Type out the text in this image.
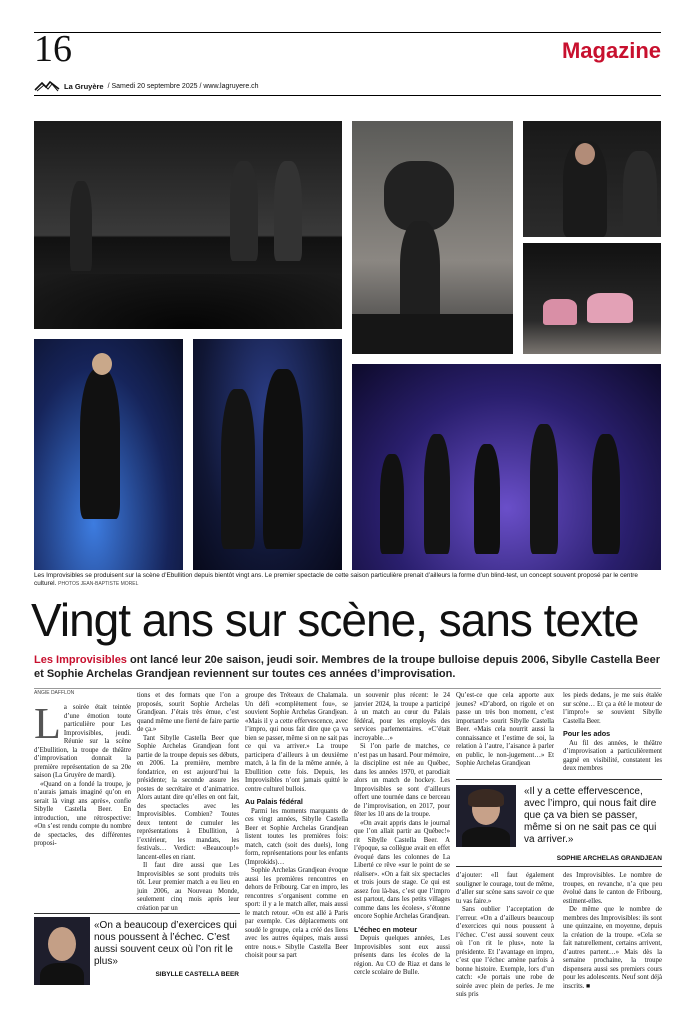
16	Magazine
La Gruyère / Samedi 20 septembre 2025 / www.lagruyere.ch
Les Improvisibles se produisent sur la scène d’Ebullition depuis bientôt vingt ans. Le premier spectacle de cette saison particulière prenait d’ailleurs la forme d’un blind-test, un concept souvent proposé par le centre culturel. PHOTOS JEAN-BAPTISTE MOREL
Vingt ans sur scène, sans texte
Les Improvisibles ont lancé leur 20e saison, jeudi soir. Membres de la troupe bulloise depuis 2006, Sibylle Castella Beer et Sophie Archelas Grandjean reviennent sur toutes ces années d’improvisation.
ANGIE DAFFLON

La soirée était teintée d’une émotion toute particulière pour Les Improvisibles, jeudi. Réunie sur la scène d’Ebullition, la troupe de théâtre d’improvisation donnait la première représentation de sa 20e saison (La Gruyère de mardi).

«Quand on a fondé la troupe, je n’aurais jamais imaginé qu’on en serait là vingt ans après», confie Sibylle Castella Beer. En introduction, une rétrospective: «On s’est rendu compte du nombre de spectacles, des différentes proposi-

tions et des formats que l’on a proposés, sourit Sophie Archelas Grandjean. J’étais très émue, c’est quand même une fierté de faire partie de ça.»

Tant Sibylle Castella Beer que Sophie Archelas Grandjean font partie de la troupe depuis ses débuts, en 2006. La première, membre fondatrice, en est aujourd’hui la présidente; la seconde assure les postes de secrétaire et d’animatrice. Alors autant dire qu’elles en ont fait, des spectacles avec les Improvisibles. Combien? Toutes deux tentent de cumuler les représentations à Ebullition, à l’extérieur, les mandats, les festivals… Verdict: «Beaucoup!» lancent-elles en riant.

Il faut dire aussi que Les Improvisibles se sont produits très tôt. Leur premier match a eu lieu en juin 2006, au Nouveau Monde, seulement cinq mois après leur création par un

«On a beaucoup d’exercices qui nous poussent à l’échec. C’est aussi souvent ceux où l’on rit le plus»
SIBYLLE CASTELLA BEER

groupe des Tréteaux de Chalamala. Un défi «complètement fou», se souvient Sophie Archelas Grandjean. «Mais il y a cette effervescence, avec l’impro, qui nous fait dire que ça va bien se passer, même si on ne sait pas ce qui va arriver.» La troupe participera d’ailleurs à un deuxième match, à la fin de la même année, à Ebullition cette fois. Depuis, les Improvisibles n’ont jamais quitté le centre culturel bullois.

Au Palais fédéral

Parmi les moments marquants de ces vingt années, Sibylle Castella Beer et Sophie Archelas Grandjean listent toutes les premières fois: match, catch (soit des duels), long form, représentations pour les enfants (Improkids)…

Sophie Archelas Grandjean évoque aussi les premières rencontres en dehors de Fribourg. Car en impro, les rencontres s’organisent comme en sport: il y a le match aller, mais aussi le match retour. «On est allé à Paris par exemple. Ces déplacements ont soudé le groupe, cela a créé des liens avec les autres équipes, mais aussi entre nous.» Sibylle Castella Beer choisit pour sa part

un souvenir plus récent: le 24 janvier 2024, la troupe a participé à un match au cœur du Palais fédéral, pour les employés des services parlementaires. «C’était incroyable…»

Si l’on parle de matches, ce n’est pas un hasard. Pour mémoire, la discipline est née au Québec, dans les années 1970, et parodiait alors un match de hockey. Les Improvisibles se sont d’ailleurs offert une tournée dans ce berceau de l’improvisation, en 2017, pour fêter les 10 ans de la troupe.

«On avait appris dans le journal que l’on allait partir au Québec!» rit Sibylle Castella Beer. A l’époque, sa collègue avait en effet évoqué dans les colonnes de La Liberté ce rêve «sur le point de se réaliser». «On a fait six spectacles et trois jours de stage. Ce qui est assez fou là-bas, c’est que l’impro est partout, dans les petits villages comme dans les écoles», s’étonne encore Sophie Archelas Grandjean.

L’échec en moteur

Depuis quelques années, Les Improvisibles sont eux aussi présents dans les écoles de la région. Au CO de Riaz et dans le cercle scolaire de Bulle.

Qu’est-ce que cela apporte aux jeunes? «D’abord, on rigole et on passe un très bon moment, c’est important!» sourit Sibylle Castella Beer. «Mais cela nourrit aussi la connaissance et l’estime de soi, la relation à l’autre, l’aisance à parler en public, le non-jugement…» Et Sophie Archelas Grandjean

les pieds dedans, je me suis étalée sur scène… Et ça a été le moteur de l’impro!» se souvient Sibylle Castella Beer.

Pour les ados

Au fil des années, le théâtre d’improvisation a particulièrement gagné en visibilité, constatent les deux membres

«Il y a cette effervescence, avec l’impro, qui nous fait dire que ça va bien se passer, même si on ne sait pas ce qui va arriver.»
SOPHIE ARCHELAS GRANDJEAN

d’ajouter: «Il faut également souligner le courage, tout de même, d’aller sur scène sans savoir ce que tu vas faire.»

Sans oublier l’acceptation de l’erreur. «On a d’ailleurs beaucoup d’exercices qui nous poussent à l’échec. C’est aussi souvent ceux où l’on rit le plus», note la présidente. Et l’avantage en impro, c’est que l’échec amène parfois à bonne histoire. Exemple, lors d’un catch: «Je portais une robe de soirée avec plein de perles. Je me suis pris

des Improvisibles. Le nombre de troupes, en revanche, n’a que peu évolué dans le canton de Fribourg, estiment-elles.

De même que le nombre de membres des Improvisibles: ils sont une quinzaine, en moyenne, depuis la création de la troupe. «Cela se fait naturellement, certains arrivent, d’autres partent…» Mais dès la semaine prochaine, la troupe dispensera aussi ses premiers cours pour les adolescents. Neuf sont déjà inscrits. ■
